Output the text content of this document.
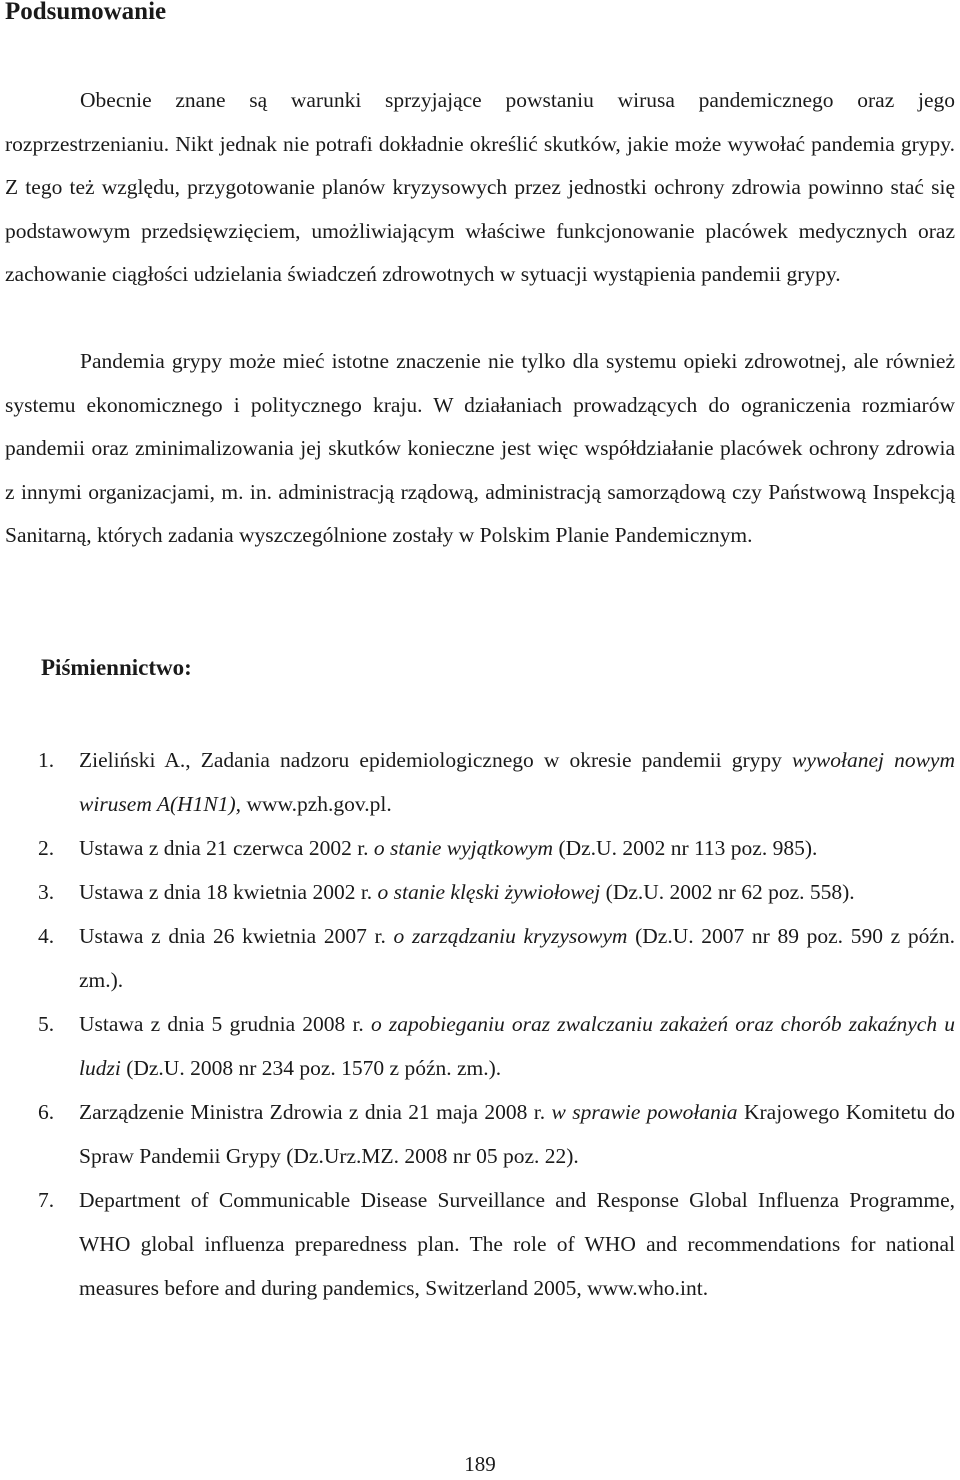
Podsumowanie

Obecnie znane są warunki sprzyjające powstaniu wirusa pandemicznego oraz jego rozprzestrzenianiu. Nikt jednak nie potrafi dokładnie określić skutków, jakie może wywołać pandemia grypy. Z tego też względu, przygotowanie planów kryzysowych przez jednostki ochrony zdrowia powinno stać się podstawowym przedsięwzięciem, umożliwiającym właściwe funkcjonowanie placówek medycznych oraz zachowanie ciągłości udzielania świadczeń zdrowotnych w sytuacji wystąpienia pandemii grypy.

Pandemia grypy może mieć istotne znaczenie nie tylko dla systemu opieki zdrowotnej, ale również systemu ekonomicznego i politycznego kraju. W działaniach prowadzących do ograniczenia rozmiarów pandemii oraz zminimalizowania jej skutków konieczne jest więc współdziałanie placówek ochrony zdrowia z innymi organizacjami, m. in. administracją rządową, administracją samorządową czy Państwową Inspekcją Sanitarną, których zadania wyszczególnione zostały w Polskim Planie Pandemicznym.

Piśmiennictwo:
1. Zieliński A., Zadania nadzoru epidemiologicznego w okresie pandemii grypy wywołanej nowym wirusem A(H1N1), www.pzh.gov.pl.
2. Ustawa z dnia 21 czerwca 2002 r. o stanie wyjątkowym (Dz.U. 2002 nr 113 poz. 985).
3. Ustawa z dnia 18 kwietnia 2002 r. o stanie klęski żywiołowej (Dz.U. 2002 nr 62 poz. 558).
4. Ustawa z dnia 26 kwietnia 2007 r. o zarządzaniu kryzysowym (Dz.U. 2007 nr 89 poz. 590 z późn. zm.).
5. Ustawa z dnia 5 grudnia 2008 r. o zapobieganiu oraz zwalczaniu zakażeń oraz chorób zakaźnych u ludzi (Dz.U. 2008 nr 234 poz. 1570 z późn. zm.).
6. Zarządzenie Ministra Zdrowia z dnia 21 maja 2008 r. w sprawie powołania Krajowego Komitetu do Spraw Pandemii Grypy (Dz.Urz.MZ. 2008 nr 05 poz. 22).
7. Department of Communicable Disease Surveillance and Response Global Influenza Programme, WHO global influenza preparedness plan. The role of WHO and recommendations for national measures before and during pandemics, Switzerland 2005, www.who.int.
189
